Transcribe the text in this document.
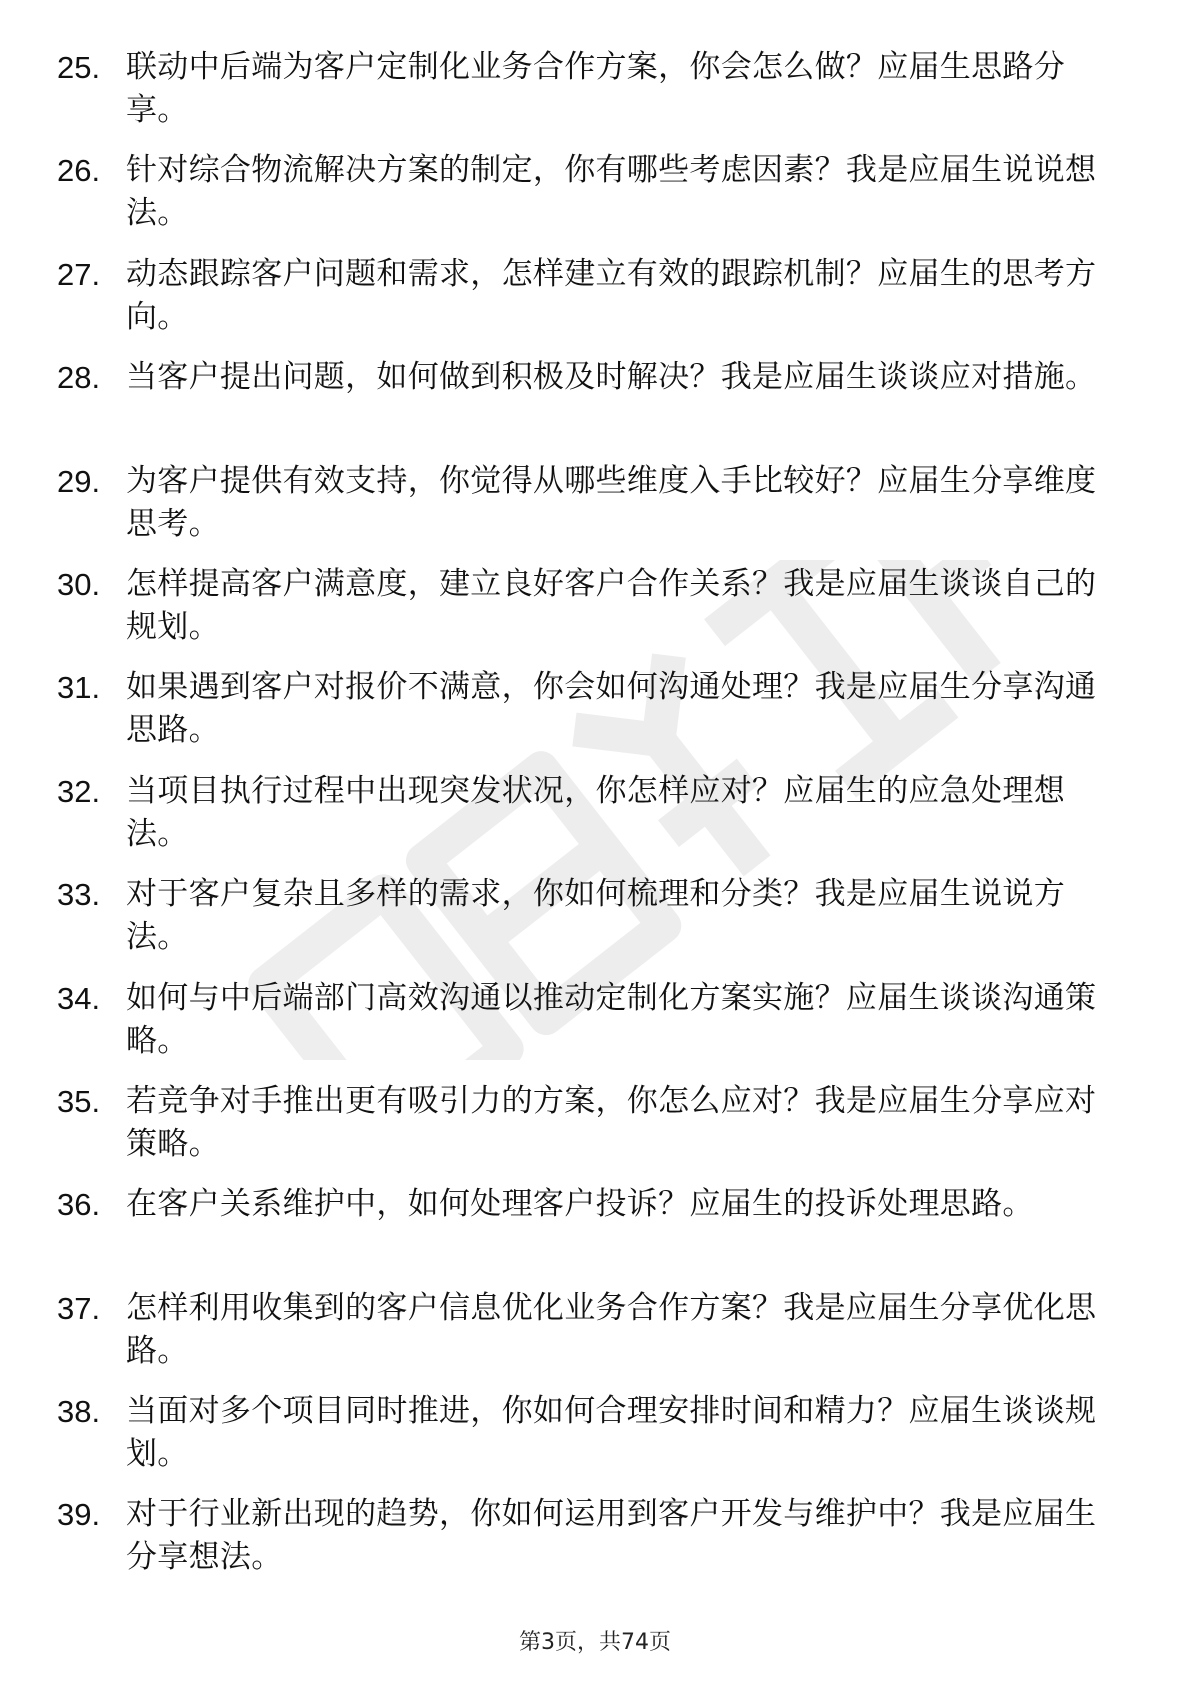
25. 联动中后端为客户定制化业务合作方案，你会怎么做？应届生思路分享。
26. 针对综合物流解决方案的制定，你有哪些考虑因素？我是应届生说说想法。
27. 动态跟踪客户问题和需求，怎样建立有效的跟踪机制？应届生的思考方向。
28. 当客户提出问题，如何做到积极及时解决？我是应届生谈谈应对措施。
29. 为客户提供有效支持，你觉得从哪些维度入手比较好？应届生分享维度思考。
30. 怎样提高客户满意度，建立良好客户合作关系？我是应届生谈谈自己的规划。
31. 如果遇到客户对报价不满意，你会如何沟通处理？我是应届生分享沟通思路。
32. 当项目执行过程中出现突发状况，你怎样应对？应届生的应急处理想法。
33. 对于客户复杂且多样的需求，你如何梳理和分类？我是应届生说说方法。
34. 如何与中后端部门高效沟通以推动定制化方案实施？应届生谈谈沟通策略。
35. 若竞争对手推出更有吸引力的方案，你怎么应对？我是应届生分享应对策略。
36. 在客户关系维护中，如何处理客户投诉？应届生的投诉处理思路。
37. 怎样利用收集到的客户信息优化业务合作方案？我是应届生分享优化思路。
38. 当面对多个项目同时推进，你如何合理安排时间和精力？应届生谈谈规划。
39. 对于行业新出现的趋势，你如何运用到客户开发与维护中？我是应届生分享想法。
第3页，共74页
